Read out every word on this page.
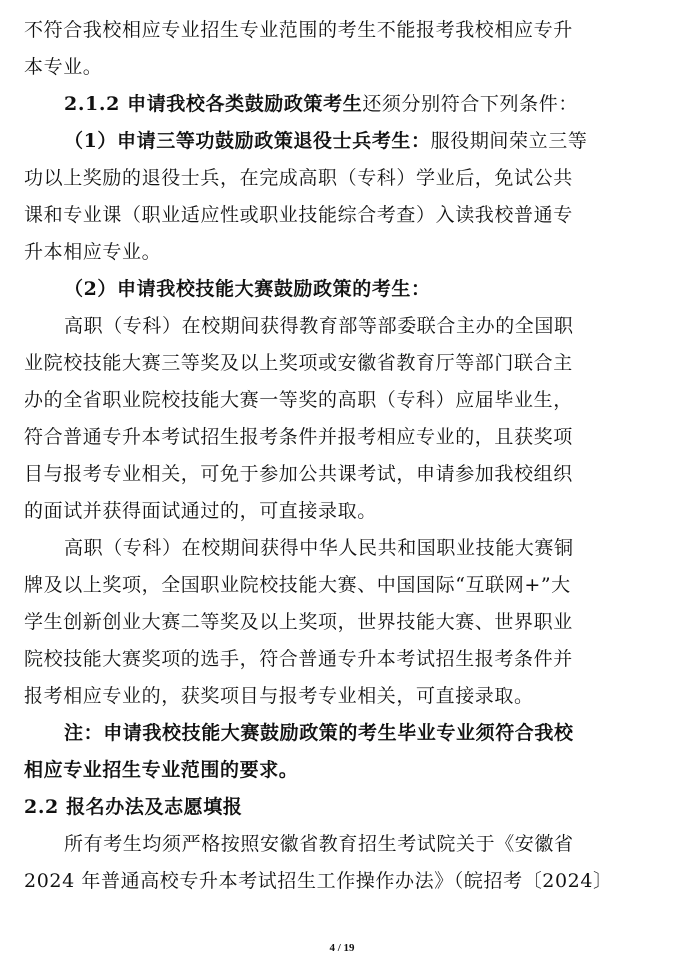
不符合我校相应专业招生专业范围的考生不能报考我校相应专升
本专业。
2.1.2 申请我校各类鼓励政策考生还须分别符合下列条件：
（1）申请三等功鼓励政策退役士兵考生：服役期间荣立三等
功以上奖励的退役士兵，在完成高职（专科）学业后，免试公共
课和专业课（职业适应性或职业技能综合考查）入读我校普通专
升本相应专业。
（2）申请我校技能大赛鼓励政策的考生：
高职（专科）在校期间获得教育部等部委联合主办的全国职
业院校技能大赛三等奖及以上奖项或安徽省教育厅等部门联合主
办的全省职业院校技能大赛一等奖的高职（专科）应届毕业生，
符合普通专升本考试招生报考条件并报考相应专业的，且获奖项
目与报考专业相关，可免于参加公共课考试，申请参加我校组织
的面试并获得面试通过的，可直接录取。
高职（专科）在校期间获得中华人民共和国职业技能大赛铜
牌及以上奖项，全国职业院校技能大赛、中国国际“互联网+”大
学生创新创业大赛二等奖及以上奖项，世界技能大赛、世界职业
院校技能大赛奖项的选手，符合普通专升本考试招生报考条件并
报考相应专业的，获奖项目与报考专业相关，可直接录取。
注：申请我校技能大赛鼓励政策的考生毕业专业须符合我校
相应专业招生专业范围的要求。
2.2 报名办法及志愿填报
所有考生均须严格按照安徽省教育招生考试院关于《安徽省
2024 年普通高校专升本考试招生工作操作办法》（皖招考〔2024〕
4 / 19
